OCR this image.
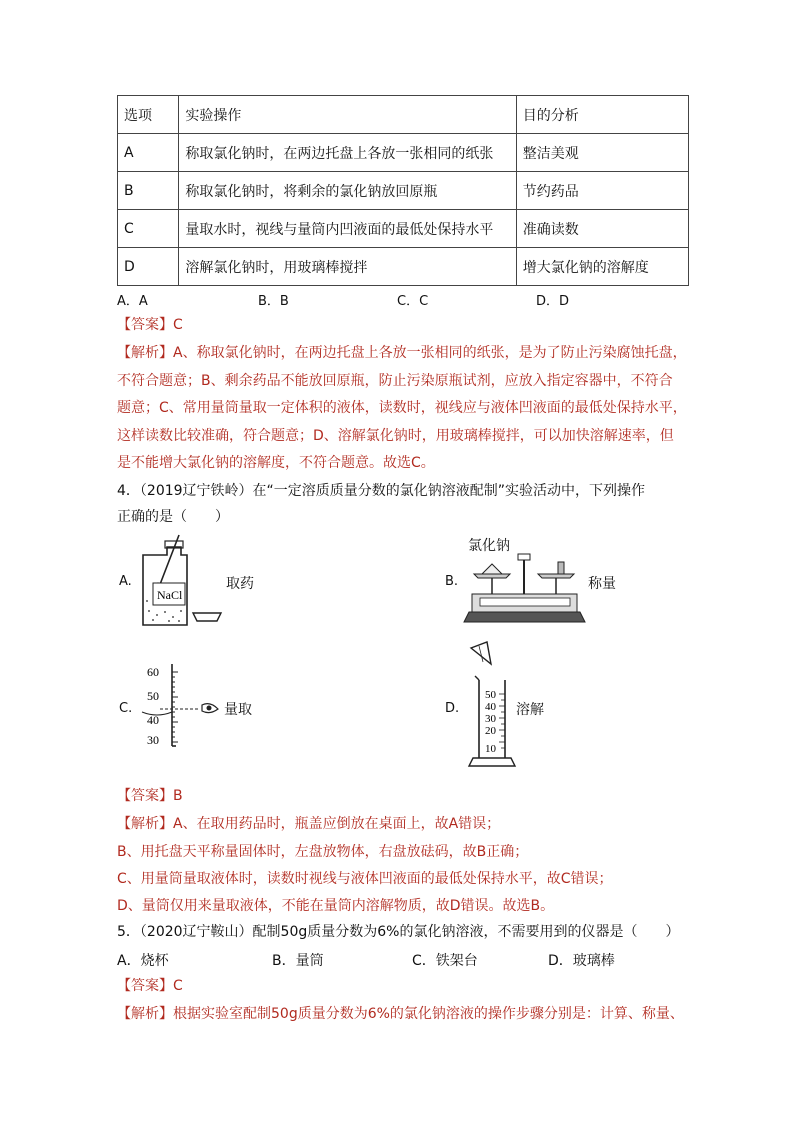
选项	实验操作	目的分析
A	称取氯化钠时，在两边托盘上各放一张相同的纸张	整洁美观
B	称取氯化钠时，将剩余的氯化钠放回原瓶	节约药品
C	量取水时，视线与量筒内凹液面的最低处保持水平	准确读数
D	溶解氯化钠时，用玻璃棒搅拌	增大氯化钠的溶解度
A．A	B．B	C．C	D．D
【答案】C
【解析】A、称取氯化钠时，在两边托盘上各放一张相同的纸张，是为了防止污染腐蚀托盘，
不符合题意；B、剩余药品不能放回原瓶，防止污染原瓶试剂，应放入指定容器中，不符合
题意；C、常用量筒量取一定体积的液体，读数时，视线应与液体凹液面的最低处保持水平，
这样读数比较准确，符合题意；D、溶解氯化钠时，用玻璃棒搅拌，可以加快溶解速率，但
是不能增大氯化钠的溶解度，不符合题意。故选C。
4．（2019辽宁铁岭）在“一定溶质质量分数的氯化钠溶液配制”实验活动中，下列操作
正确的是（　　）
A.
NaCl
取药	B.
氯化钠
称量
C.
60
50
40
30
量取	D.
50
40
30
20
10
溶解
【答案】B
【解析】A、在取用药品时，瓶盖应倒放在桌面上，故A错误；
B、用托盘天平称量固体时，左盘放物体，右盘放砝码，故B正确；
C、用量筒量取液体时，读数时视线与液体凹液面的最低处保持水平，故C错误；
D、量筒仅用来量取液体，不能在量筒内溶解物质，故D错误。故选B。
5．（2020辽宁鞍山）配制50g质量分数为6%的氯化钠溶液，不需要用到的仪器是（　　）
A．烧杯	B．量筒	C．铁架台	D．玻璃棒
【答案】C
【解析】根据实验室配制50g质量分数为6%的氯化钠溶液的操作步骤分别是：计算、称量、
